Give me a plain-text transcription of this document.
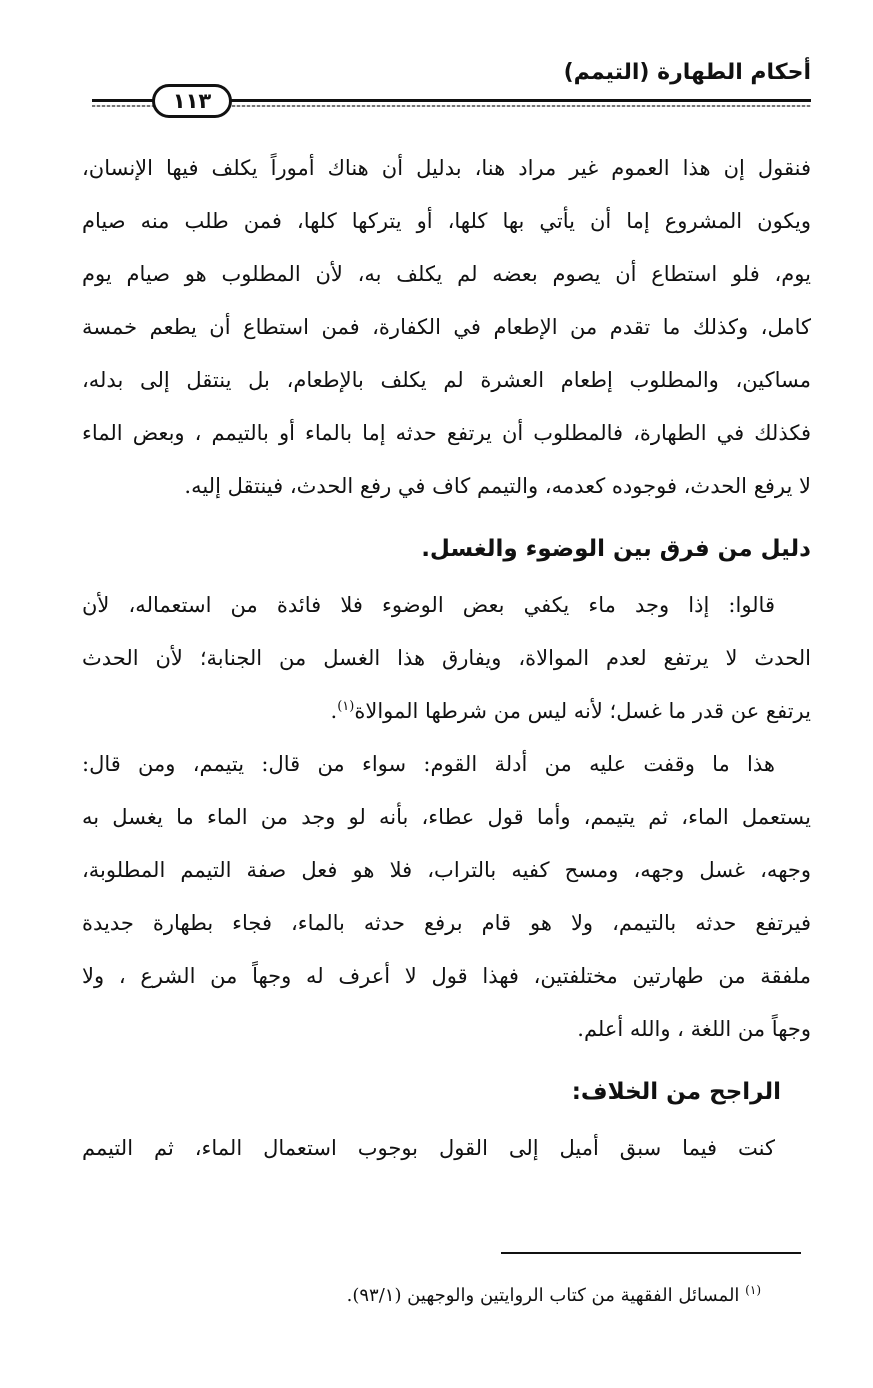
أحكام الطهارة (التيمم)
١١٣
فنقول إن هذا العموم غير مراد هنا، بدليل أن هناك أموراً يكلف فيها الإنسان،
ويكون المشروع إما أن يأتي بها كلها، أو يتركها كلها، فمن طلب منه صيام
يوم، فلو استطاع أن يصوم بعضه لم يكلف به، لأن المطلوب هو صيام يوم
كامل، وكذلك ما تقدم من الإطعام في الكفارة، فمن استطاع أن يطعم خمسة
مساكين، والمطلوب إطعام العشرة لم يكلف بالإطعام، بل ينتقل إلى بدله،
فكذلك في الطهارة، فالمطلوب أن يرتفع حدثه إما بالماء أو بالتيمم ، وبعض الماء
لا يرفع الحدث، فوجوده كعدمه، والتيمم كاف في رفع الحدث، فينتقل إليه.
دليل من فرق بين الوضوء والغسل.
قالوا: إذا وجد ماء يكفي بعض الوضوء فلا فائدة من استعماله، لأن
الحدث لا يرتفع لعدم الموالاة، ويفارق هذا الغسل من الجنابة؛ لأن الحدث
يرتفع عن قدر ما غسل؛ لأنه ليس من شرطها الموالاة$^{(١)}$.
هذا ما وقفت عليه من أدلة القوم: سواء من قال: يتيمم، ومن قال:
يستعمل الماء، ثم يتيمم، وأما قول عطاء، بأنه لو وجد من الماء ما يغسل به
وجهه، غسل وجهه، ومسح كفيه بالتراب، فلا هو فعل صفة التيمم المطلوبة،
فيرتفع حدثه بالتيمم، ولا هو قام برفع حدثه بالماء، فجاء بطهارة جديدة
ملفقة من طهارتين مختلفتين، فهذا قول لا أعرف له وجهاً من الشرع ، ولا
وجهاً من اللغة ، والله أعلم.
الراجح من الخلاف:
كنت فيما سبق أميل إلى القول بوجوب استعمال الماء، ثم التيمم
$^{(١)}$ المسائل الفقهية من كتاب الروايتين والوجهين (٩٣/١).
